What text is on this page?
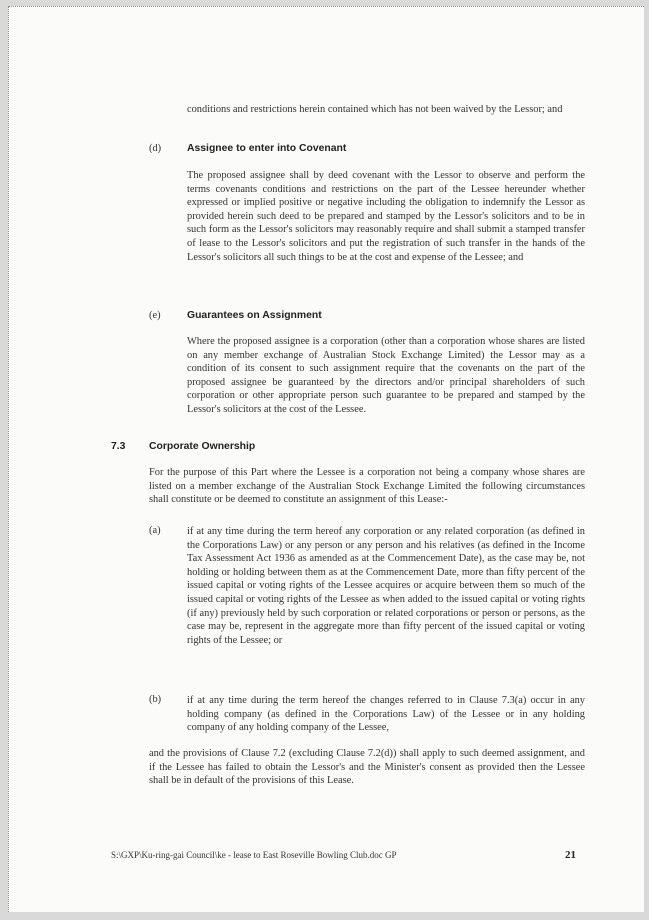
conditions and restrictions herein contained which has not been waived by the Lessor; and
(d) Assignee to enter into Covenant
The proposed assignee shall by deed covenant with the Lessor to observe and perform the terms covenants conditions and restrictions on the part of the Lessee hereunder whether expressed or implied positive or negative including the obligation to indemnify the Lessor as provided herein such deed to be prepared and stamped by the Lessor's solicitors and to be in such form as the Lessor's solicitors may reasonably require and shall submit a stamped transfer of lease to the Lessor's solicitors and put the registration of such transfer in the hands of the Lessor's solicitors all such things to be at the cost and expense of the Lessee; and
(e)	Guarantees on Assignment
Where the proposed assignee is a corporation (other than a corporation whose shares are listed on any member exchange of Australian Stock Exchange Limited) the Lessor may as a condition of its consent to such assignment require that the covenants on the part of the proposed assignee be guaranteed by the directors and/or principal shareholders of such corporation or other appropriate person such guarantee to be prepared and stamped by the Lessor's solicitors at the cost of the Lessee.
7.3 Corporate Ownership
For the purpose of this Part where the Lessee is a corporation not being a company whose shares are listed on a member exchange of the Australian Stock Exchange Limited the following circumstances shall constitute or be deemed to constitute an assignment of this Lease:-
(a)	if at any time during the term hereof any corporation or any related corporation (as defined in the Corporations Law) or any person or any person and his relatives (as defined in the Income Tax Assessment Act 1936 as amended as at the Commencement Date), as the case may be, not holding or holding between them as at the Commencement Date, more than fifty percent of the issued capital or voting rights of the Lessee acquires or acquire between them so much of the issued capital or voting rights of the Lessee as when added to the issued capital or voting rights (if any) previously held by such corporation or related corporations or person or persons, as the case may be, represent in the aggregate more than fifty percent of the issued capital or voting rights of the Lessee; or
(b) if at any time during the term hereof the changes referred to in Clause 7.3(a) occur in any holding company (as defined in the Corporations Law) of the Lessee or in any holding company of any holding company of the Lessee,
and the provisions of Clause 7.2 (excluding Clause 7.2(d)) shall apply to such deemed assignment, and if the Lessee has failed to obtain the Lessor's and the Minister's consent as provided then the Lessee shall be in default of the provisions of this Lease.
S:\GXP\Ku-ring-gai Council\ke - lease to East Roseville Bowling Club.doc GP	21
